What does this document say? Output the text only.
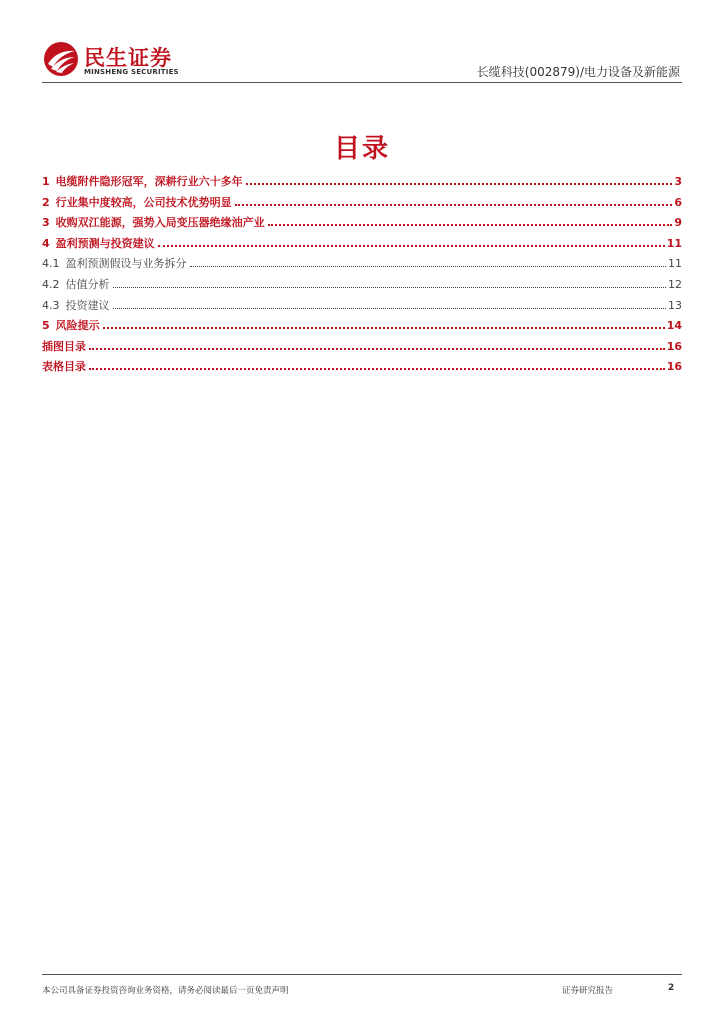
民生证券
MINSHENG SECURITIES	长缆科技(002879)/电力设备及新能源
目录
1 电缆附件隐形冠军，深耕行业六十多年	3
2 行业集中度较高，公司技术优势明显	6
3 收购双江能源，强势入局变压器绝缘油产业	9
4 盈利预测与投资建议	11
4.1 盈利预测假设与业务拆分	11
4.2 估值分析	12
4.3 投资建议	13
5 风险提示	14
插图目录	16
表格目录	16
本公司具备证券投资咨询业务资格，请务必阅读最后一页免责声明	证券研究报告	2
